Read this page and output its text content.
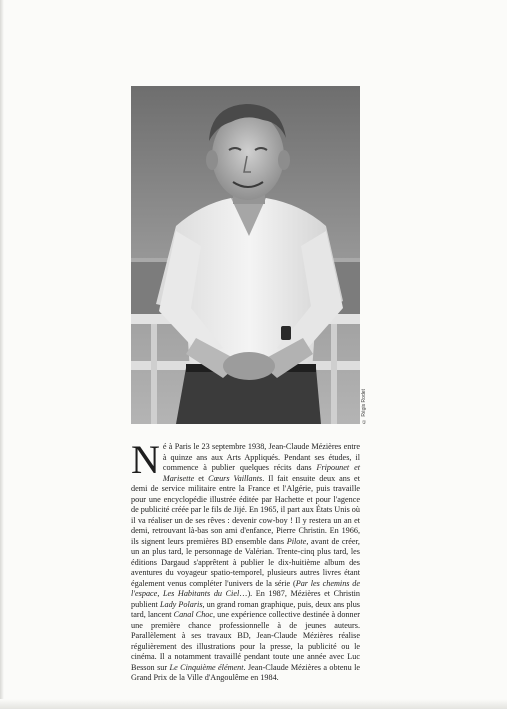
© Régis Rodet

Né à Paris le 23 septembre 1938, Jean-Claude Mézières entre à quinze ans aux Arts Appliqués. Pendant ses études, il commence à publier quelques récits dans Fripounet et Marisette et Cœurs Vaillants. Il fait ensuite deux ans et demi de service militaire entre la France et l'Algérie, puis travaille pour une encyclopédie illustrée éditée par Hachette et pour l'agence de publicité créée par le fils de Jijé. En 1965, il part aux États Unis où il va réaliser un de ses rêves : devenir cow-boy ! Il y restera un an et demi, retrouvant là-bas son ami d'enfance, Pierre Christin. En 1966, ils signent leurs premières BD ensemble dans Pilote, avant de créer, un an plus tard, le personnage de Valérian. Trente-cinq plus tard, les éditions Dargaud s'apprêtent à publier le dix-huitième album des aventures du voyageur spatio-temporel, plusieurs autres livres étant également venus compléter l'univers de la série (Par les chemins de l'espace, Les Habitants du Ciel…). En 1987, Mézières et Christin publient Lady Polaris, un grand roman graphique, puis, deux ans plus tard, lancent Canal Choc, une expérience collective destinée à donner une première chance professionnelle à de jeunes auteurs. Parallèlement à ses travaux BD, Jean-Claude Mézières réalise régulièrement des illustrations pour la presse, la publicité ou le cinéma. Il a notamment travaillé pendant toute une année avec Luc Besson sur Le Cinquième élément. Jean-Claude Mézières a obtenu le Grand Prix de la Ville d'Angoulême en 1984.
